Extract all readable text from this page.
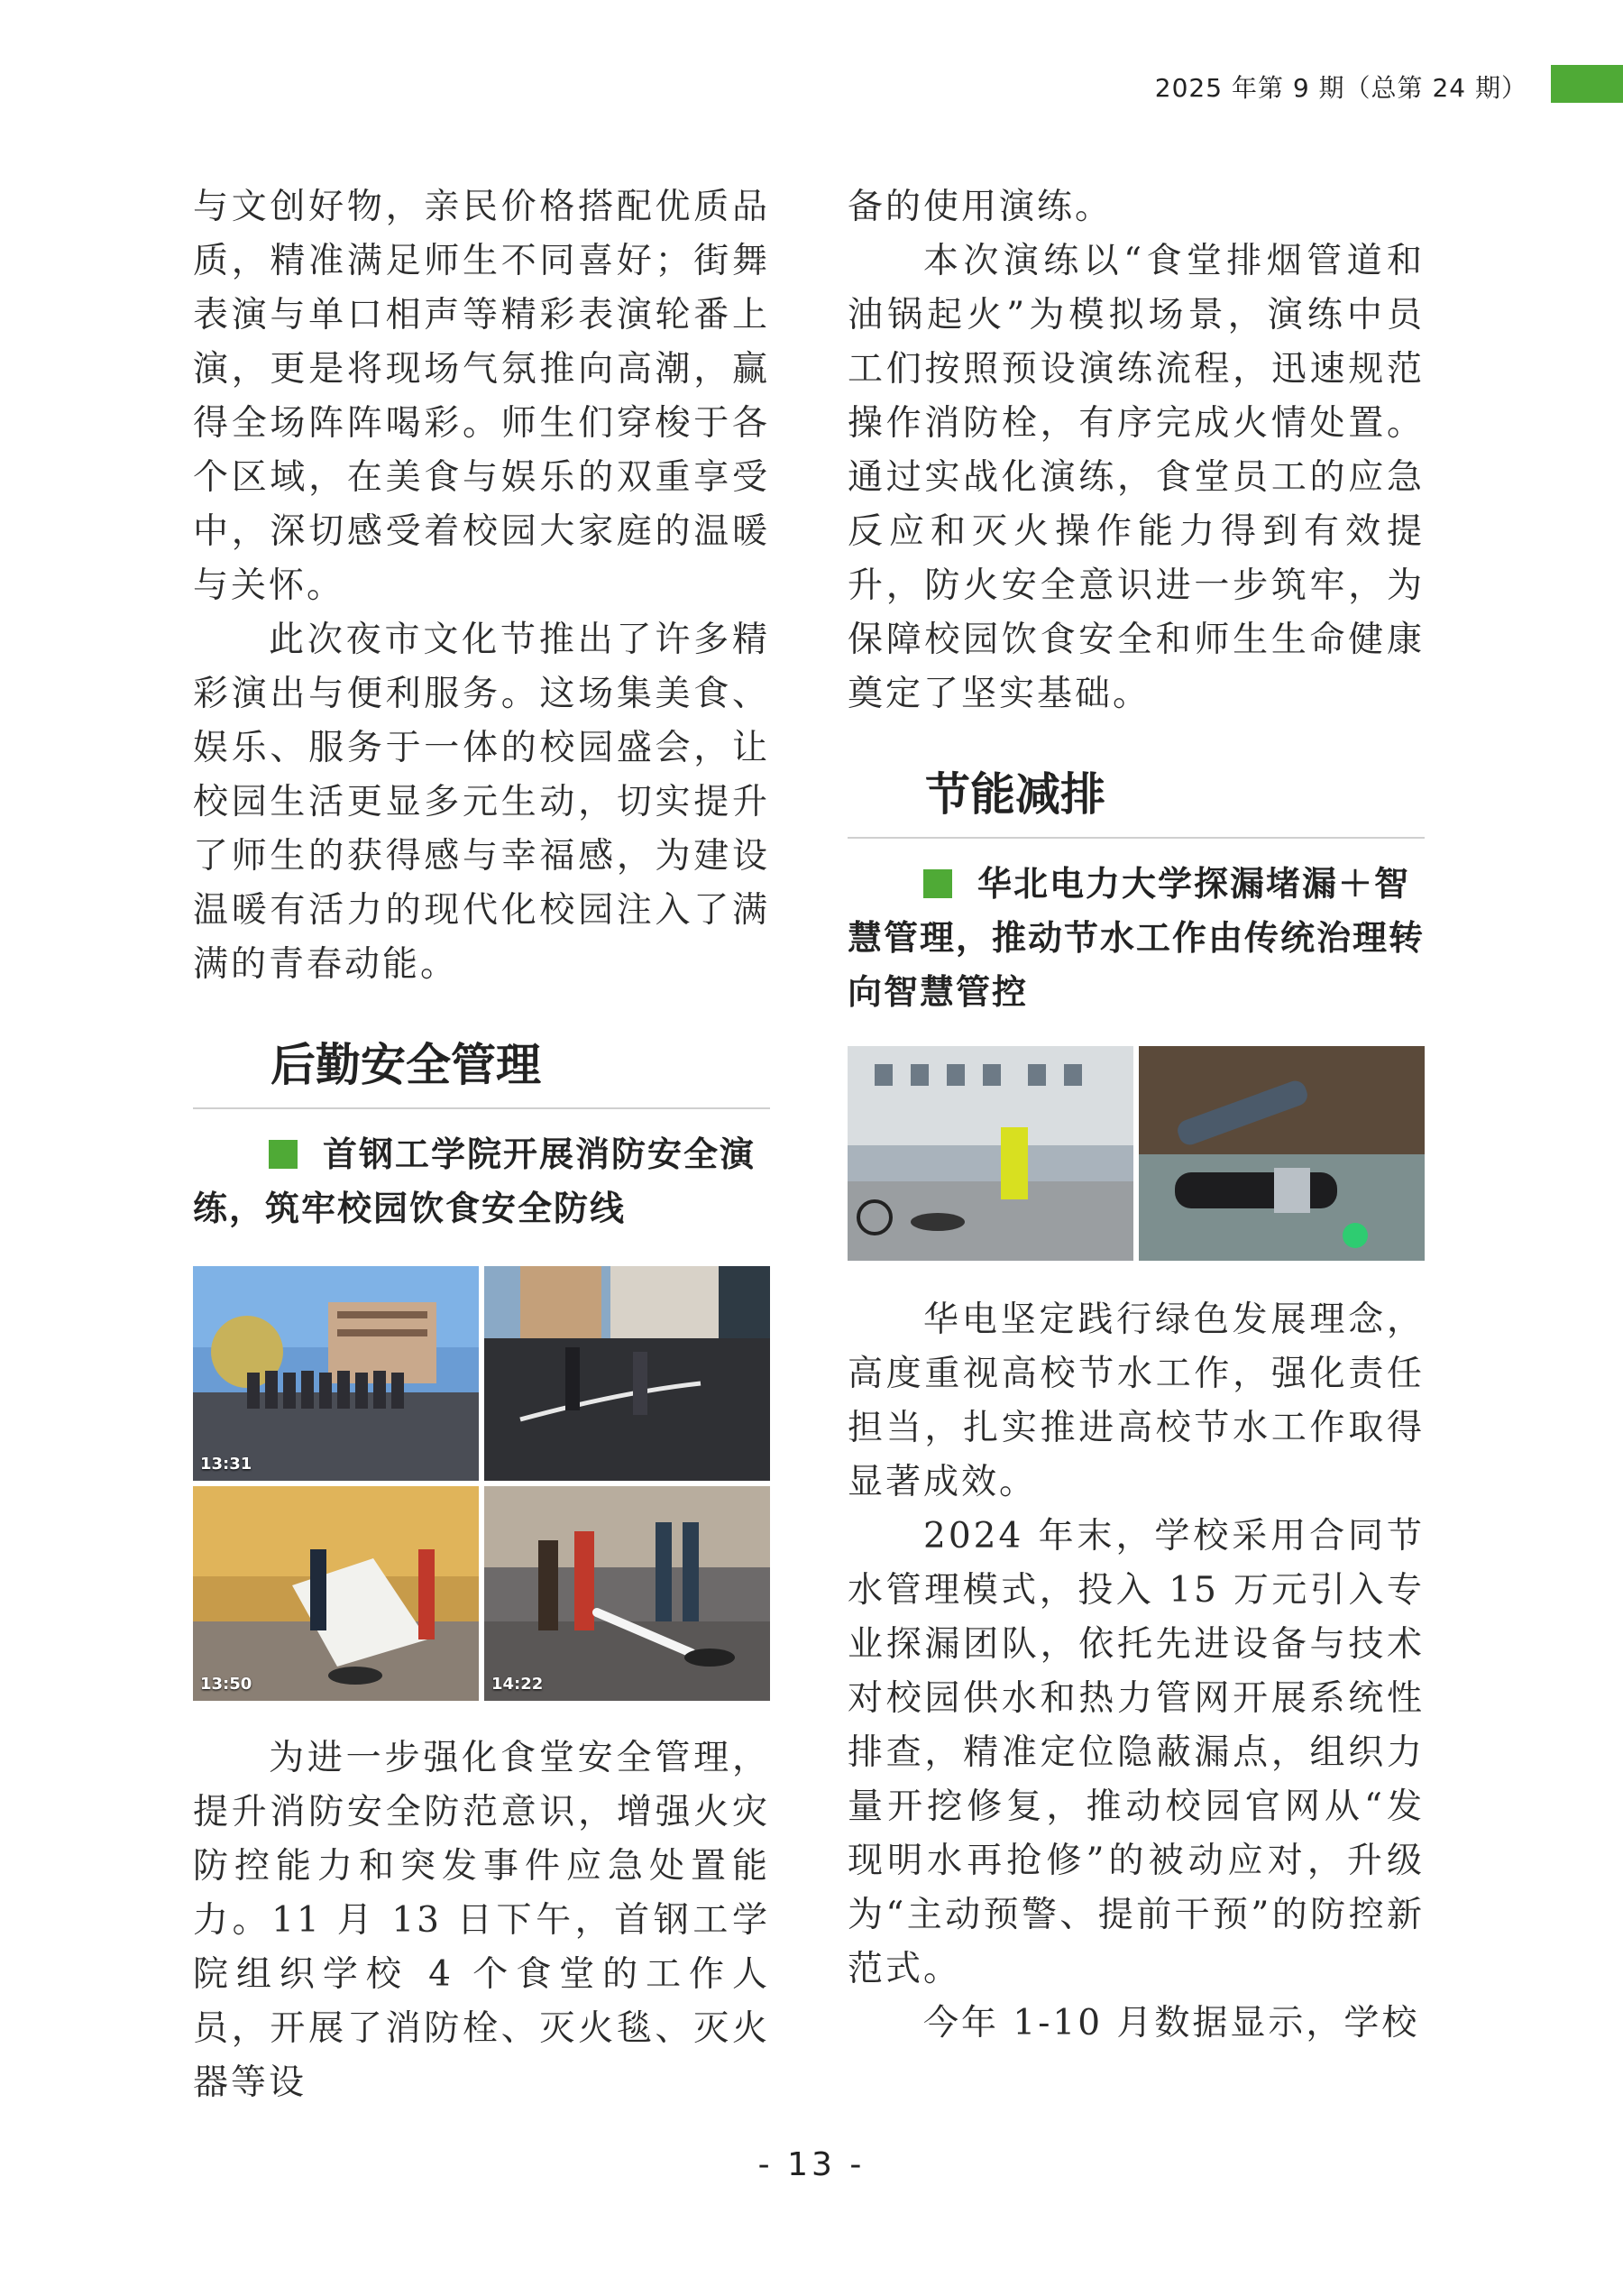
2025 年第 9 期（总第 24 期）

与文创好物，亲民价格搭配优质品质，精准满足师生不同喜好；街舞表演与单口相声等精彩表演轮番上演，更是将现场气氛推向高潮，赢得全场阵阵喝彩。师生们穿梭于各个区域，在美食与娱乐的双重享受中，深切感受着校园大家庭的温暖与关怀。

此次夜市文化节推出了许多精彩演出与便利服务。这场集美食、娱乐、服务于一体的校园盛会，让校园生活更显多元生动，切实提升了师生的获得感与幸福感，为建设温暖有活力的现代化校园注入了满满的青春动能。

后勤安全管理
首钢工学院开展消防安全演练，筑牢校园饮食安全防线
13:31
13:50	14:22

为进一步强化食堂安全管理，提升消防安全防范意识，增强火灾防控能力和突发事件应急处置能力。11 月 13 日下午，首钢工学院组织学校 4 个食堂的工作人员，开展了消防栓、灭火毯、灭火器等设

备的使用演练。

本次演练以“食堂排烟管道和油锅起火”为模拟场景，演练中员工们按照预设演练流程，迅速规范操作消防栓，有序完成火情处置。通过实战化演练，食堂员工的应急反应和灭火操作能力得到有效提升，防火安全意识进一步筑牢，为保障校园饮食安全和师生生命健康奠定了坚实基础。

节能减排
华北电力大学探漏堵漏＋智慧管理，推动节水工作由传统治理转向智慧管控

华电坚定践行绿色发展理念，高度重视高校节水工作，强化责任担当，扎实推进高校节水工作取得显著成效。

2024 年末，学校采用合同节水管理模式，投入 15 万元引入专业探漏团队，依托先进设备与技术对校园供水和热力管网开展系统性排查，精准定位隐蔽漏点，组织力量开挖修复，推动校园官网从“发现明水再抢修”的被动应对，升级为“主动预警、提前干预”的防控新范式。

今年 1-10 月数据显示，学校

- 13 -
